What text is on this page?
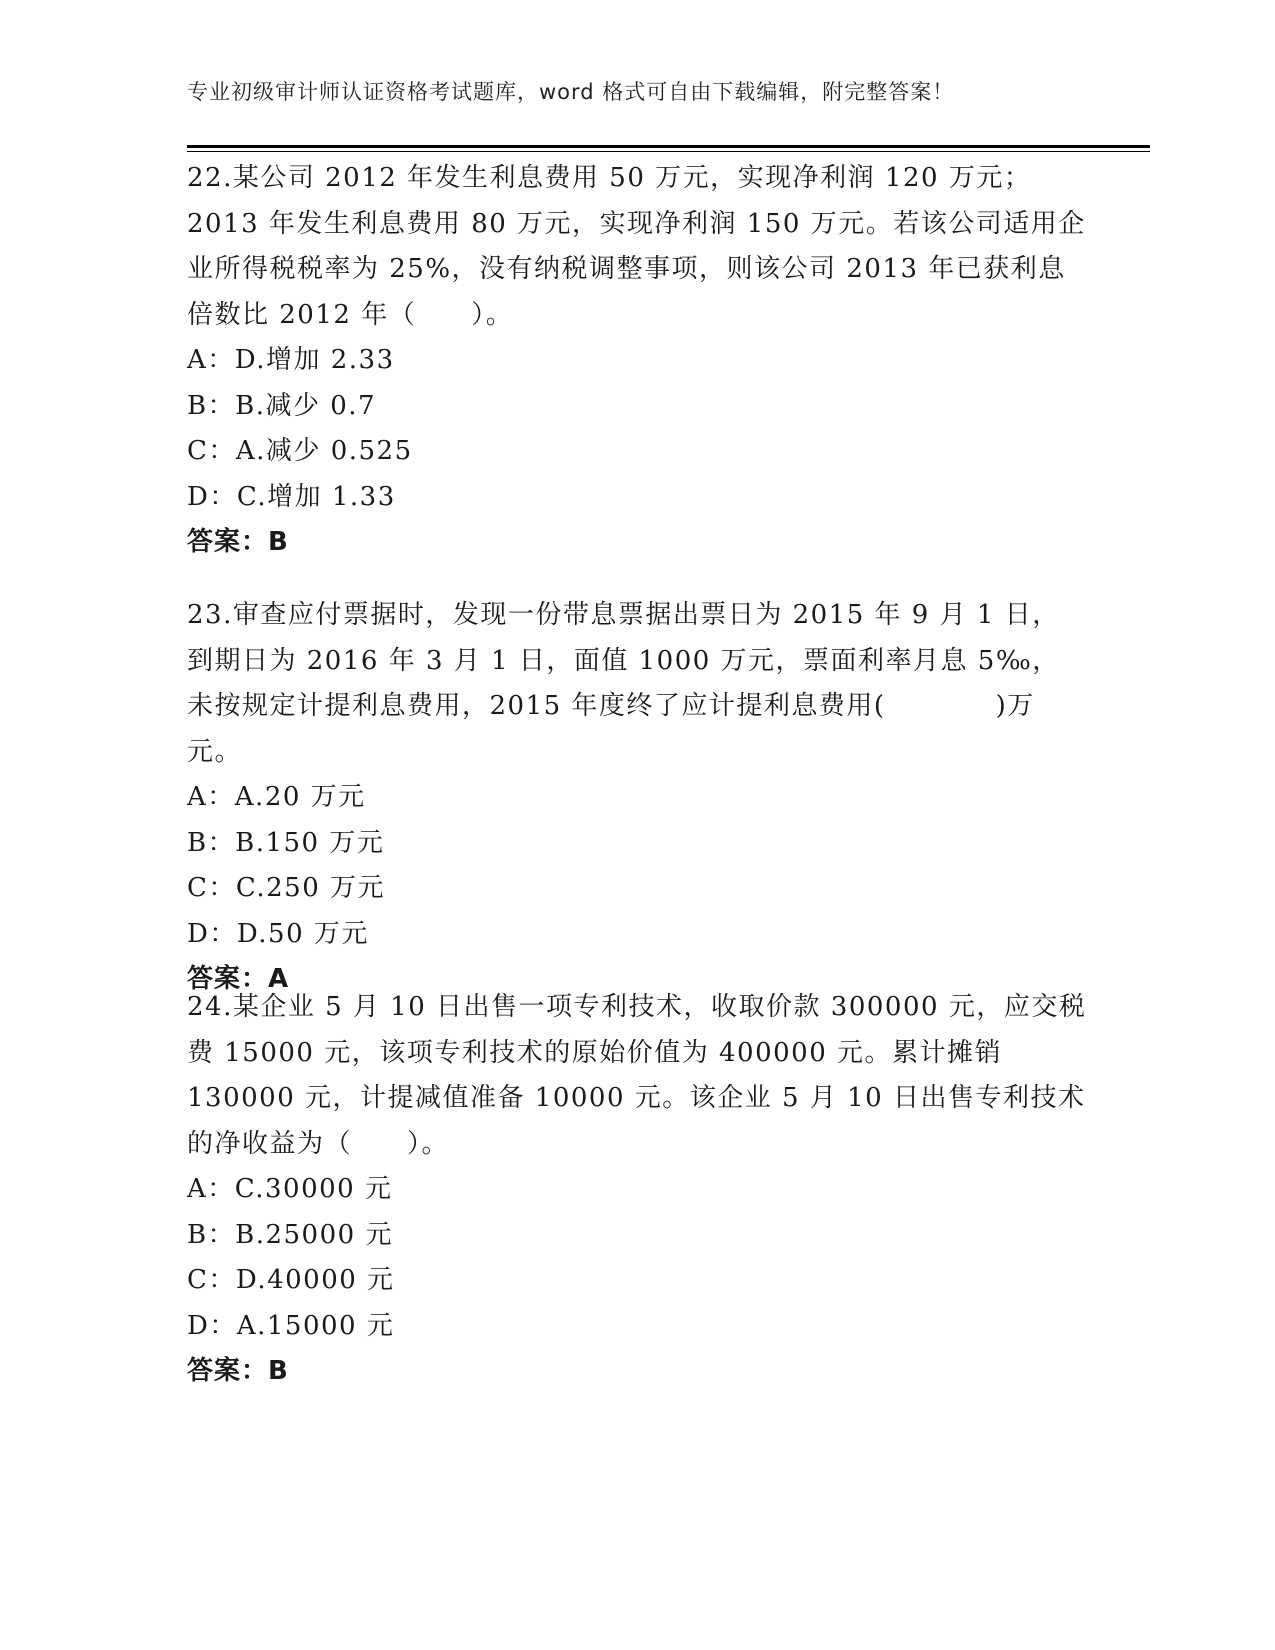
专业初级审计师认证资格考试题库，word 格式可自由下载编辑，附完整答案！

22.某公司 2012 年发生利息费用 50 万元，实现净利润 120 万元；2013 年发生利息费用 80 万元，实现净利润 150 万元。若该公司适用企业所得税税率为 25%，没有纳税调整事项，则该公司 2013 年已获利息倍数比 2012 年（　　）。

A：D.增加 2.33

B：B.减少 0.7

C：A.减少 0.525

D：C.增加 1.33

答案：B

23.审查应付票据时，发现一份带息票据出票日为 2015 年 9 月 1 日，到期日为 2016 年 3 月 1 日，面值 1000 万元，票面利率月息 5‰，未按规定计提利息费用，2015 年度终了应计提利息费用(　　　　)万元。

A：A.20 万元

B：B.150 万元

C：C.250 万元

D：D.50 万元

答案：A

24.某企业 5 月 10 日出售一项专利技术，收取价款 300000 元，应交税费 15000 元，该项专利技术的原始价值为 400000 元。累计摊销 130000 元，计提减值准备 10000 元。该企业 5 月 10 日出售专利技术的净收益为（　　）。

A：C.30000 元

B：B.25000 元

C：D.40000 元

D：A.15000 元

答案：B
